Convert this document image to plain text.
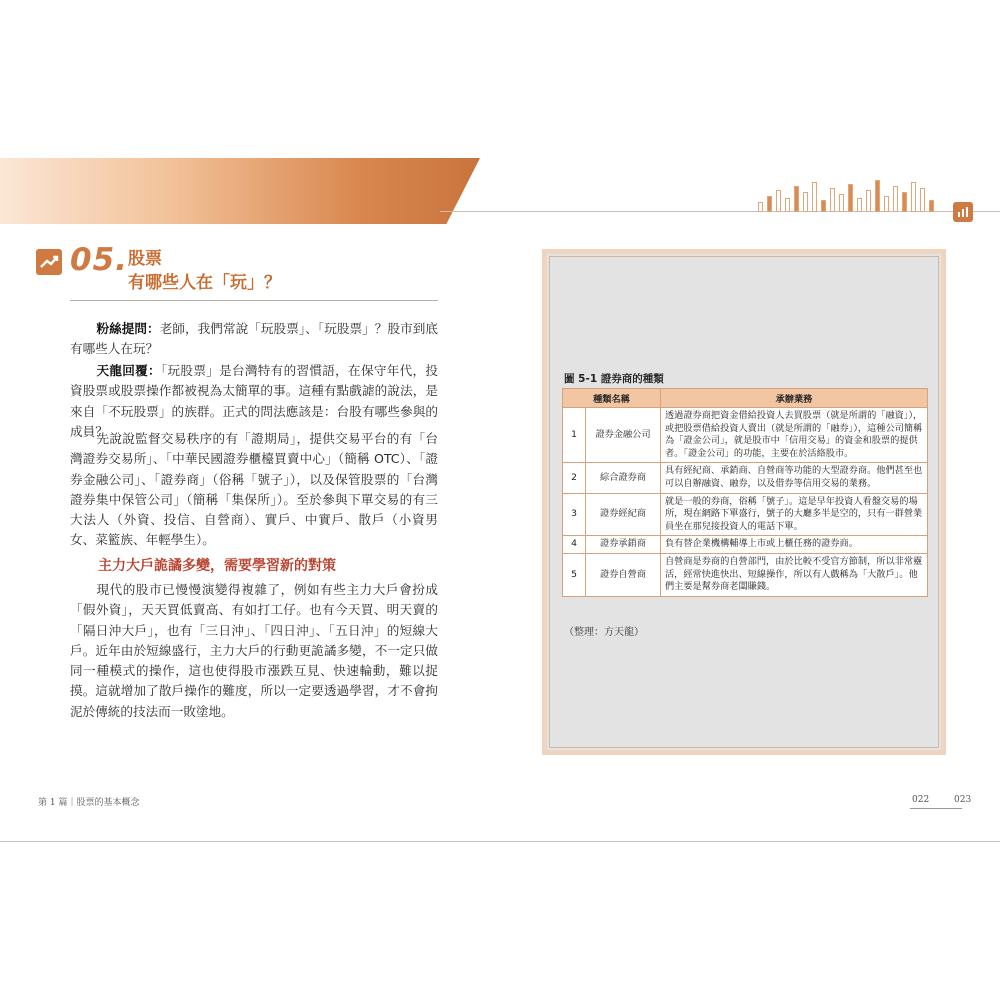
05. 股票
有哪些人在「玩」？

粉絲提問：老師，我們常說「玩股票」、「玩股票」？股市到底有哪些人在玩？

天龍回覆：「玩股票」是台灣特有的習慣語，在保守年代，投資股票或股票操作都被視為太簡單的事。這種有點戲謔的說法，是來自「不玩股票」的族群。正式的問法應該是：台股有哪些參與的成員？

先說說監督交易秩序的有「證期局」，提供交易平台的有「台灣證券交易所」、「中華民國證券櫃檯買賣中心」（簡稱 OTC）、「證券金融公司」、「證券商」（俗稱「號子」），以及保管股票的「台灣證券集中保管公司」（簡稱「集保所」）。至於參與下單交易的有三大法人（外資、投信、自營商）、實戶、中實戶、散戶（小資男女、菜籃族、年輕學生）。

主力大戶詭譎多變，需要學習新的對策

現代的股市已慢慢演變得複雜了，例如有些主力大戶會扮成「假外資」，天天買低賣高、有如打工仔。也有今天買、明天賣的「隔日沖大戶」，也有「三日沖」、「四日沖」、「五日沖」的短線大戶。近年由於短線盛行，主力大戶的行動更詭譎多變，不一定只做同一種模式的操作，這也使得股市漲跌互見、快速輪動，難以捉摸。這就增加了散戶操作的難度，所以一定要透過學習，才不會拘泥於傳統的技法而一敗塗地。

第 1 篇｜股票的基本概念	022 023
圖 5-1 證券商的種類
種類名稱		承辦業務
1	證券金融公司	透過證券商把資金借給投資人去買股票（就是所謂的「融資」），或把股票借給投資人賣出（就是所謂的「融券」），這種公司簡稱為「證金公司」，就是股市中「信用交易」的資金和股票的提供者。「證金公司」的功能，主要在於活絡股市。
2	綜合證券商	具有經紀商、承銷商、自營商等功能的大型證券商。他們甚至也可以自辦融資、融券，以及借券等信用交易的業務。
3	證券經紀商	就是一般的券商，俗稱「號子」。這是早年投資人看盤交易的場所，現在網路下單盛行，號子的大廳多半是空的，只有一群營業員坐在那兒接投資人的電話下單。
4	證券承銷商	負有替企業機構輔導上市或上櫃任務的證券商。
5	證券自營商	自營商是券商的自營部門，由於比較不受官方節制，所以非常靈活，經常快進快出、短線操作，所以有人戲稱為「大散戶」。他們主要是幫券商老闆賺錢。
（整理：方天龍）
